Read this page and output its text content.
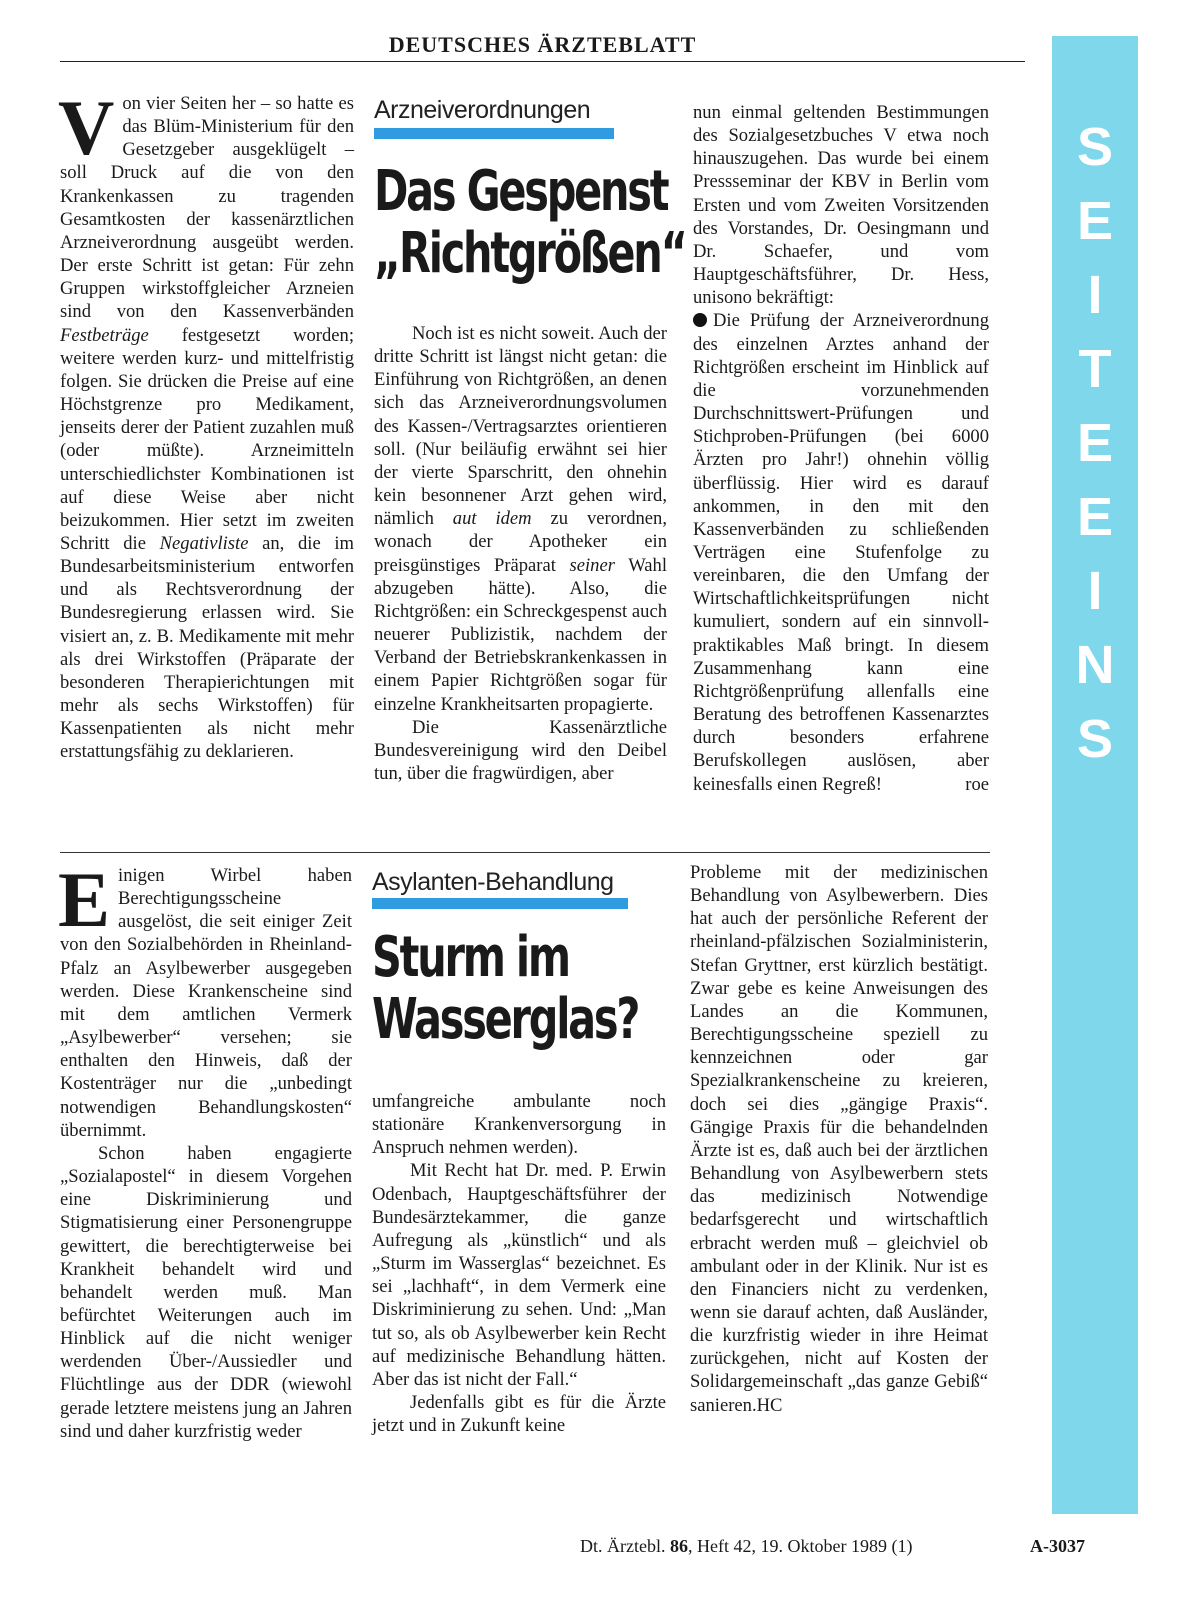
DEUTSCHES ÄRZTEBLATT
S
E
I
T
E
E
I
N
S

Von vier Seiten her – so hatte es das Blüm-Ministerium für den Gesetzgeber ausgeklügelt – soll Druck auf die von den Krankenkassen zu tragenden Gesamtkosten der kassenärztlichen Arzneiverordnung ausgeübt werden. Der erste Schritt ist getan: Für zehn Gruppen wirkstoffgleicher Arzneien sind von den Kassenverbänden Festbeträge festgesetzt worden; weitere werden kurz- und mittelfristig folgen. Sie drücken die Preise auf eine Höchstgrenze pro Medikament, jenseits derer der Patient zuzahlen muß (oder müßte). Arzneimitteln unterschiedlichster Kombinationen ist auf diese Weise aber nicht beizukommen. Hier setzt im zweiten Schritt die Negativliste an, die im Bundesarbeitsministerium entworfen und als Rechtsverordnung der Bundesregierung erlassen wird. Sie visiert an, z. B. Medikamente mit mehr als drei Wirkstoffen (Präparate der besonderen Therapierichtungen mit mehr als sechs Wirkstoffen) für Kassenpatienten als nicht mehr erstattungsfähig zu deklarieren.

Arzneiverordnungen
Das Gespenst
„Richtgrößen“

Noch ist es nicht soweit. Auch der dritte Schritt ist längst nicht getan: die Einführung von Richtgrößen, an denen sich das Arzneiverordnungsvolumen des Kassen-/Vertragsarztes orientieren soll. (Nur beiläufig erwähnt sei hier der vierte Sparschritt, den ohnehin kein besonnener Arzt gehen wird, nämlich aut idem zu verordnen, wonach der Apotheker ein preisgünstiges Präparat seiner Wahl abzugeben hätte). Also, die Richtgrößen: ein Schreckgespenst auch neuerer Publizistik, nachdem der Verband der Betriebskrankenkassen in einem Papier Richtgrößen sogar für einzelne Krankheitsarten propagierte.

Die Kassenärztliche Bundesvereinigung wird den Deibel tun, über die fragwürdigen, aber

nun einmal geltenden Bestimmungen des Sozialgesetzbuches V etwa noch hinauszugehen. Das wurde bei einem Pressseminar der KBV in Berlin vom Ersten und vom Zweiten Vorsitzenden des Vorstandes, Dr. Oesingmann und Dr. Schaefer, und vom Hauptgeschäftsführer, Dr. Hess, unisono bekräftigt:

Die Prüfung der Arzneiverordnung des einzelnen Arztes anhand der Richtgrößen erscheint im Hinblick auf die vorzunehmenden Durchschnittswert-Prüfungen und Stichproben-Prüfungen (bei 6000 Ärzten pro Jahr!) ohnehin völlig überflüssig. Hier wird es darauf ankommen, in den mit den Kassenverbänden zu schließenden Verträgen eine Stufenfolge zu vereinbaren, die den Umfang der Wirtschaftlichkeitsprüfungen nicht kumuliert, sondern auf ein sinnvoll-praktikables Maß bringt. In diesem Zusammenhang kann eine Richtgrößenprüfung allenfalls eine Beratung des betroffenen Kassenarztes durch besonders erfahrene Berufskollegen auslösen, aber keinesfalls einen Regreß!	roe

Einigen Wirbel haben Berechtigungsscheine ausgelöst, die seit einiger Zeit von den Sozialbehörden in Rheinland-Pfalz an Asylbewerber ausgegeben werden. Diese Krankenscheine sind mit dem amtlichen Vermerk „Asylbewerber“ versehen; sie enthalten den Hinweis, daß der Kostenträger nur die „unbedingt notwendigen Behandlungskosten“ übernimmt.

Schon haben engagierte „Sozialapostel“ in diesem Vorgehen eine Diskriminierung und Stigmatisierung einer Personengruppe gewittert, die berechtigterweise bei Krankheit behandelt wird und behandelt werden muß. Man befürchtet Weiterungen auch im Hinblick auf die nicht weniger werdenden Über-/Aussiedler und Flüchtlinge aus der DDR (wiewohl gerade letztere meistens jung an Jahren sind und daher kurzfristig weder

Asylanten-Behandlung
Sturm im
Wasserglas?

umfangreiche ambulante noch stationäre Krankenversorgung in Anspruch nehmen werden).

Mit Recht hat Dr. med. P. Erwin Odenbach, Hauptgeschäftsführer der Bundesärztekammer, die ganze Aufregung als „künstlich“ und als „Sturm im Wasserglas“ bezeichnet. Es sei „lachhaft“, in dem Vermerk eine Diskriminierung zu sehen. Und: „Man tut so, als ob Asylbewerber kein Recht auf medizinische Behandlung hätten. Aber das ist nicht der Fall.“

Jedenfalls gibt es für die Ärzte jetzt und in Zukunft keine

Probleme mit der medizinischen Behandlung von Asylbewerbern. Dies hat auch der persönliche Referent der rheinland-pfälzischen Sozialministerin, Stefan Gryttner, erst kürzlich bestätigt. Zwar gebe es keine Anweisungen des Landes an die Kommunen, Berechtigungsscheine speziell zu kennzeichnen oder gar Spezialkrankenscheine zu kreieren, doch sei dies „gängige Praxis“. Gängige Praxis für die behandelnden Ärzte ist es, daß auch bei der ärztlichen Behandlung von Asylbewerbern stets das medizinisch Notwendige bedarfsgerecht und wirtschaftlich erbracht werden muß – gleichviel ob ambulant oder in der Klinik. Nur ist es den Financiers nicht zu verdenken, wenn sie darauf achten, daß Ausländer, die kurzfristig wieder in ihre Heimat zurückgehen, nicht auf Kosten der Solidargemeinschaft „das ganze Gebiß“ sanieren.HC

Dt. Ärztebl. 86, Heft 42, 19. Oktober 1989 (1)	A-3037
